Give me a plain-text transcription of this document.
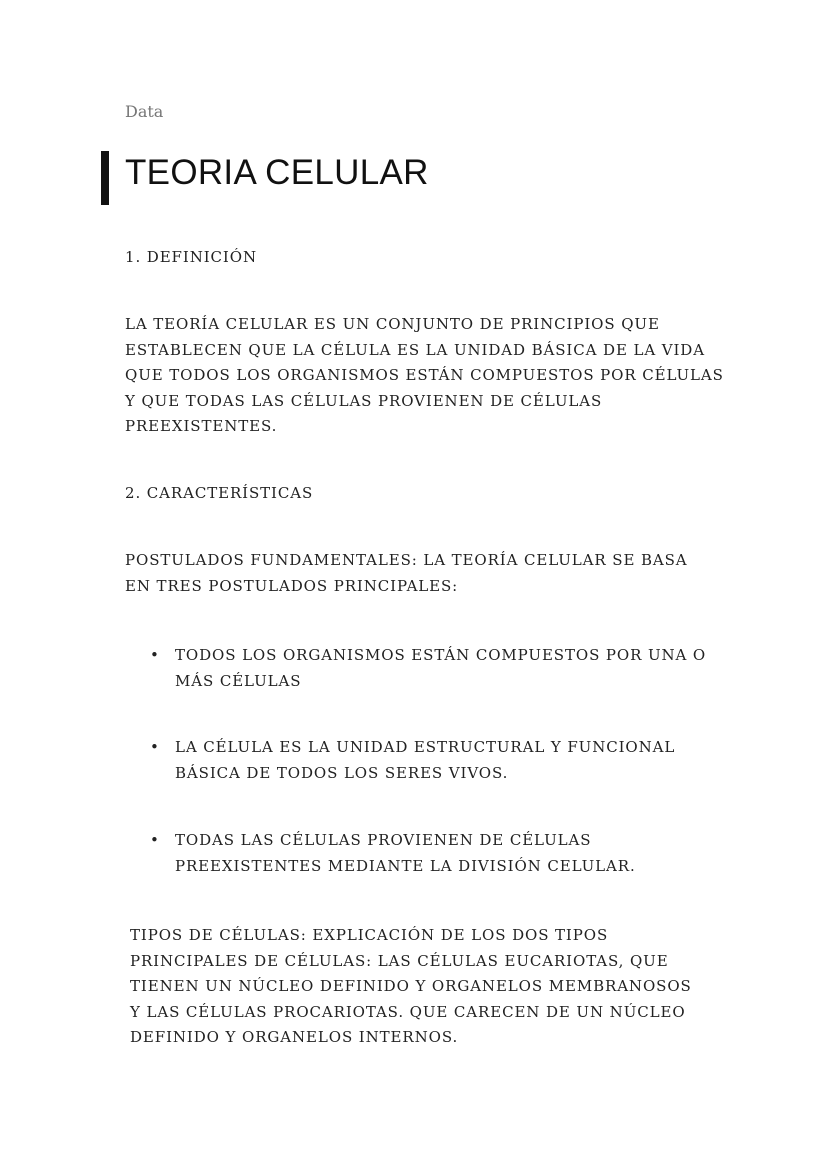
Data
TEORIA CELULAR
1. DEFINICIÓN
LA TEORÍA CELULAR ES UN CONJUNTO DE PRINCIPIOS QUE
ESTABLECEN QUE LA CÉLULA ES LA UNIDAD BÁSICA DE LA VIDA
QUE TODOS LOS ORGANISMOS ESTÁN COMPUESTOS POR CÉLULAS
Y QUE TODAS LAS CÉLULAS PROVIENEN DE CÉLULAS
PREEXISTENTES.
2. CARACTERÍSTICAS
POSTULADOS FUNDAMENTALES: LA TEORÍA CELULAR SE BASA
EN TRES POSTULADOS PRINCIPALES:
• TODOS LOS ORGANISMOS ESTÁN COMPUESTOS POR UNA O
MÁS CÉLULAS
• LA CÉLULA ES LA UNIDAD ESTRUCTURAL Y FUNCIONAL
BÁSICA DE TODOS LOS SERES VIVOS.
• TODAS LAS CÉLULAS PROVIENEN DE CÉLULAS
PREEXISTENTES MEDIANTE LA DIVISIÓN CELULAR.
TIPOS DE CÉLULAS: EXPLICACIÓN DE LOS DOS TIPOS
PRINCIPALES DE CÉLULAS: LAS CÉLULAS EUCARIOTAS, QUE
TIENEN UN NÚCLEO DEFINIDO Y ORGANELOS MEMBRANOSOS
Y LAS CÉLULAS PROCARIOTAS. QUE CARECEN DE UN NÚCLEO
DEFINIDO Y ORGANELOS INTERNOS.
